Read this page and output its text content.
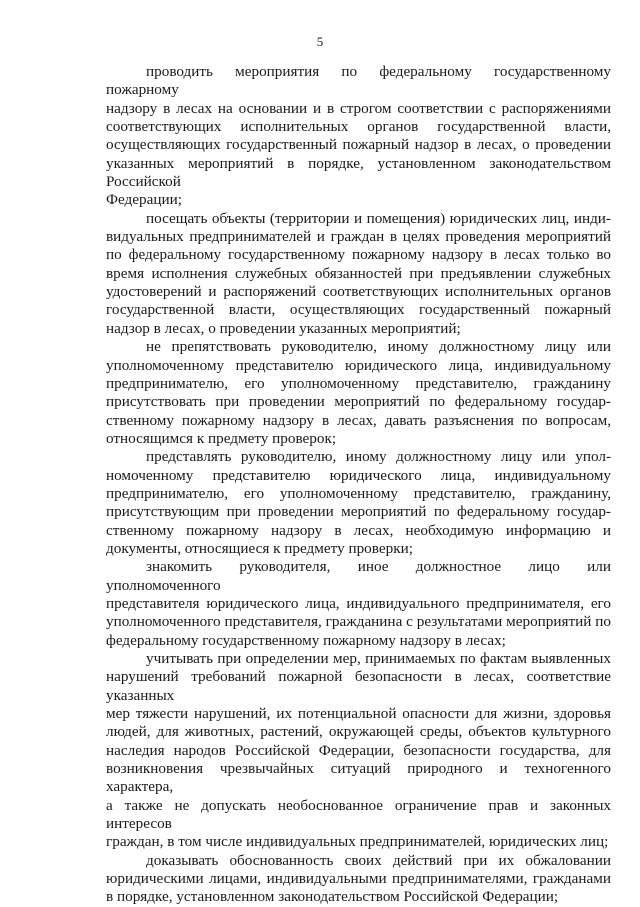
5
проводить мероприятия по федеральному государственному пожарному
надзору в лесах на основании и в строгом соответствии с распоряжениями
соответствующих исполнительных органов государственной власти,
осуществляющих государственный пожарный надзор в лесах, о проведении
указанных мероприятий в порядке, установленном законодательством Российской
Федерации;
посещать объекты (территории и помещения) юридических лиц, инди-
видуальных предпринимателей и граждан в целях проведения мероприятий
по федеральному государственному пожарному надзору в лесах только во
время исполнения служебных обязанностей при предъявлении служебных
удостоверений и распоряжений соответствующих исполнительных органов
государственной власти, осуществляющих государственный пожарный
надзор в лесах, о проведении указанных мероприятий;
не препятствовать руководителю, иному должностному лицу или
уполномоченному представителю юридического лица, индивидуальному
предпринимателю, его уполномоченному представителю, гражданину
присутствовать при проведении мероприятий по федеральному государ-
ственному пожарному надзору в лесах, давать разъяснения по вопросам,
относящимся к предмету проверок;
представлять руководителю, иному должностному лицу или упол-
номоченному представителю юридического лица, индивидуальному
предпринимателю, его уполномоченному представителю, гражданину,
присутствующим при проведении мероприятий по федеральному государ-
ственному пожарному надзору в лесах, необходимую информацию и
документы, относящиеся к предмету проверки;
знакомить руководителя, иное должностное лицо или уполномоченного
представителя юридического лица, индивидуального предпринимателя, его
уполномоченного представителя, гражданина с результатами мероприятий по
федеральному государственному пожарному надзору в лесах;
учитывать при определении мер, принимаемых по фактам выявленных
нарушений требований пожарной безопасности в лесах, соответствие указанных
мер тяжести нарушений, их потенциальной опасности для жизни, здоровья
людей, для животных, растений, окружающей среды, объектов культурного
наследия народов Российской Федерации, безопасности государства, для
возникновения чрезвычайных ситуаций природного и техногенного характера,
а также не допускать необоснованное ограничение прав и законных интересов
граждан, в том числе индивидуальных предпринимателей, юридических лиц;
доказывать обоснованность своих действий при их обжаловании
юридическими лицами, индивидуальными предпринимателями, гражданами
в порядке, установленном законодательством Российской Федерации;
